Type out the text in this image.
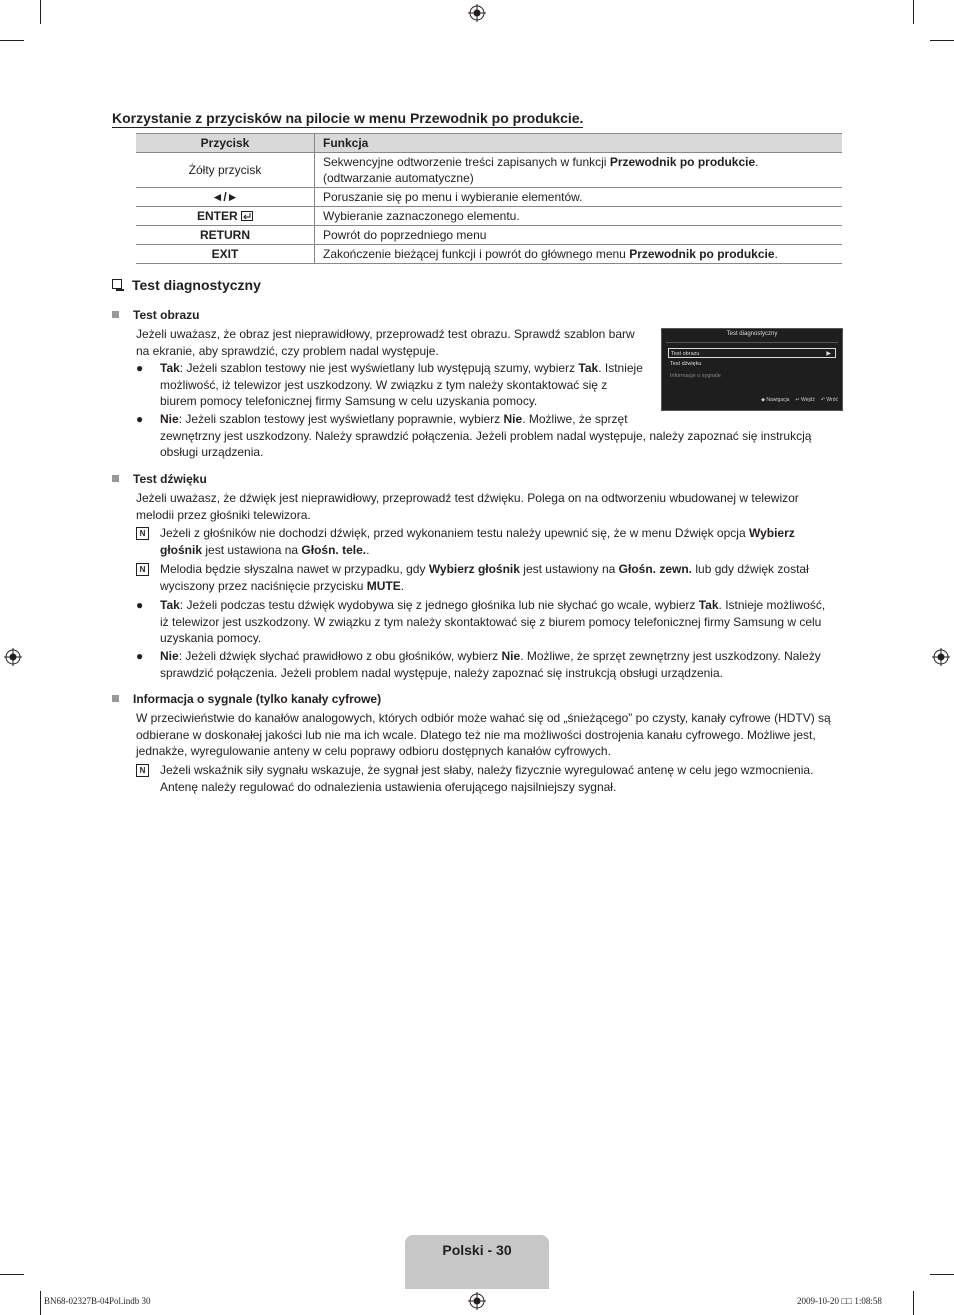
Korzystanie z przycisków na pilocie w menu Przewodnik po produkcie.
Przycisk	Funkcja
Żółty przycisk	Sekwencyjne odtworzenie treści zapisanych w funkcji Przewodnik po produkcie.
(odtwarzanie automatyczne)
◄/►	Poruszanie się po menu i wybieranie elementów.
ENTER	Wybieranie zaznaczonego elementu.
RETURN	Powrót do poprzedniego menu
EXIT	Zakończenie bieżącej funkcji i powrót do głównego menu Przewodnik po produkcie.
Test diagnostyczny
Test obrazu
Jeżeli uważasz, że obraz jest nieprawidłowy, przeprowadź test obrazu. Sprawdź szablon barw
na ekranie, aby sprawdzić, czy problem nadal występuje.
● Tak: Jeżeli szablon testowy nie jest wyświetlany lub występują szumy, wybierz Tak. Istnieje
możliwość, iż telewizor jest uszkodzony. W związku z tym należy skontaktować się z
biurem pomocy telefonicznej firmy Samsung w celu uzyskania pomocy.
● Nie: Jeżeli szablon testowy jest wyświetlany poprawnie, wybierz Nie. Możliwe, że sprzęt
zewnętrzny jest uszkodzony. Należy sprawdzić połączenia. Jeżeli problem nadal występuje, należy zapoznać się instrukcją
obsługi urządzenia.
Test diagnostyczny
Test obrazu	▶
Test dźwięku
Informacje o sygnale
◆ Nawigacja ↵ Wejdź ↶ Wróć
Test dźwięku
Jeżeli uważasz, że dźwięk jest nieprawidłowy, przeprowadź test dźwięku. Polega on na odtworzeniu wbudowanej w telewizor
melodii przez głośniki telewizora.
N	Jeżeli z głośników nie dochodzi dźwięk, przed wykonaniem testu należy upewnić się, że w menu Dźwięk opcja Wybierz
głośnik jest ustawiona na Głośn. tele..
N	Melodia będzie słyszalna nawet w przypadku, gdy Wybierz głośnik jest ustawiony na Głośn. zewn. lub gdy dźwięk został
wyciszony przez naciśnięcie przycisku MUTE.
● Tak: Jeżeli podczas testu dźwięk wydobywa się z jednego głośnika lub nie słychać go wcale, wybierz Tak. Istnieje możliwość,
iż telewizor jest uszkodzony. W związku z tym należy skontaktować się z biurem pomocy telefonicznej firmy Samsung w celu
uzyskania pomocy.
● Nie: Jeżeli dźwięk słychać prawidłowo z obu głośników, wybierz Nie. Możliwe, że sprzęt zewnętrzny jest uszkodzony. Należy
sprawdzić połączenia. Jeżeli problem nadal występuje, należy zapoznać się instrukcją obsługi urządzenia.
Informacja o sygnale (tylko kanały cyfrowe)
W przeciwieństwie do kanałów analogowych, których odbiór może wahać się od „śnieżącego” po czysty, kanały cyfrowe (HDTV) są
odbierane w doskonałej jakości lub nie ma ich wcale. Dlatego też nie ma możliwości dostrojenia kanału cyfrowego. Możliwe jest,
jednakże, wyregulowanie anteny w celu poprawy odbioru dostępnych kanałów cyfrowych.
N	Jeżeli wskaźnik siły sygnału wskazuje, że sygnał jest słaby, należy fizycznie wyregulować antenę w celu jego wzmocnienia.
Antenę należy regulować do odnalezienia ustawienia oferującego najsilniejszy sygnał.
Polski - 30
BN68-02327B-04Pol.indb 30	2009-10-20 □□ 1:08:58
